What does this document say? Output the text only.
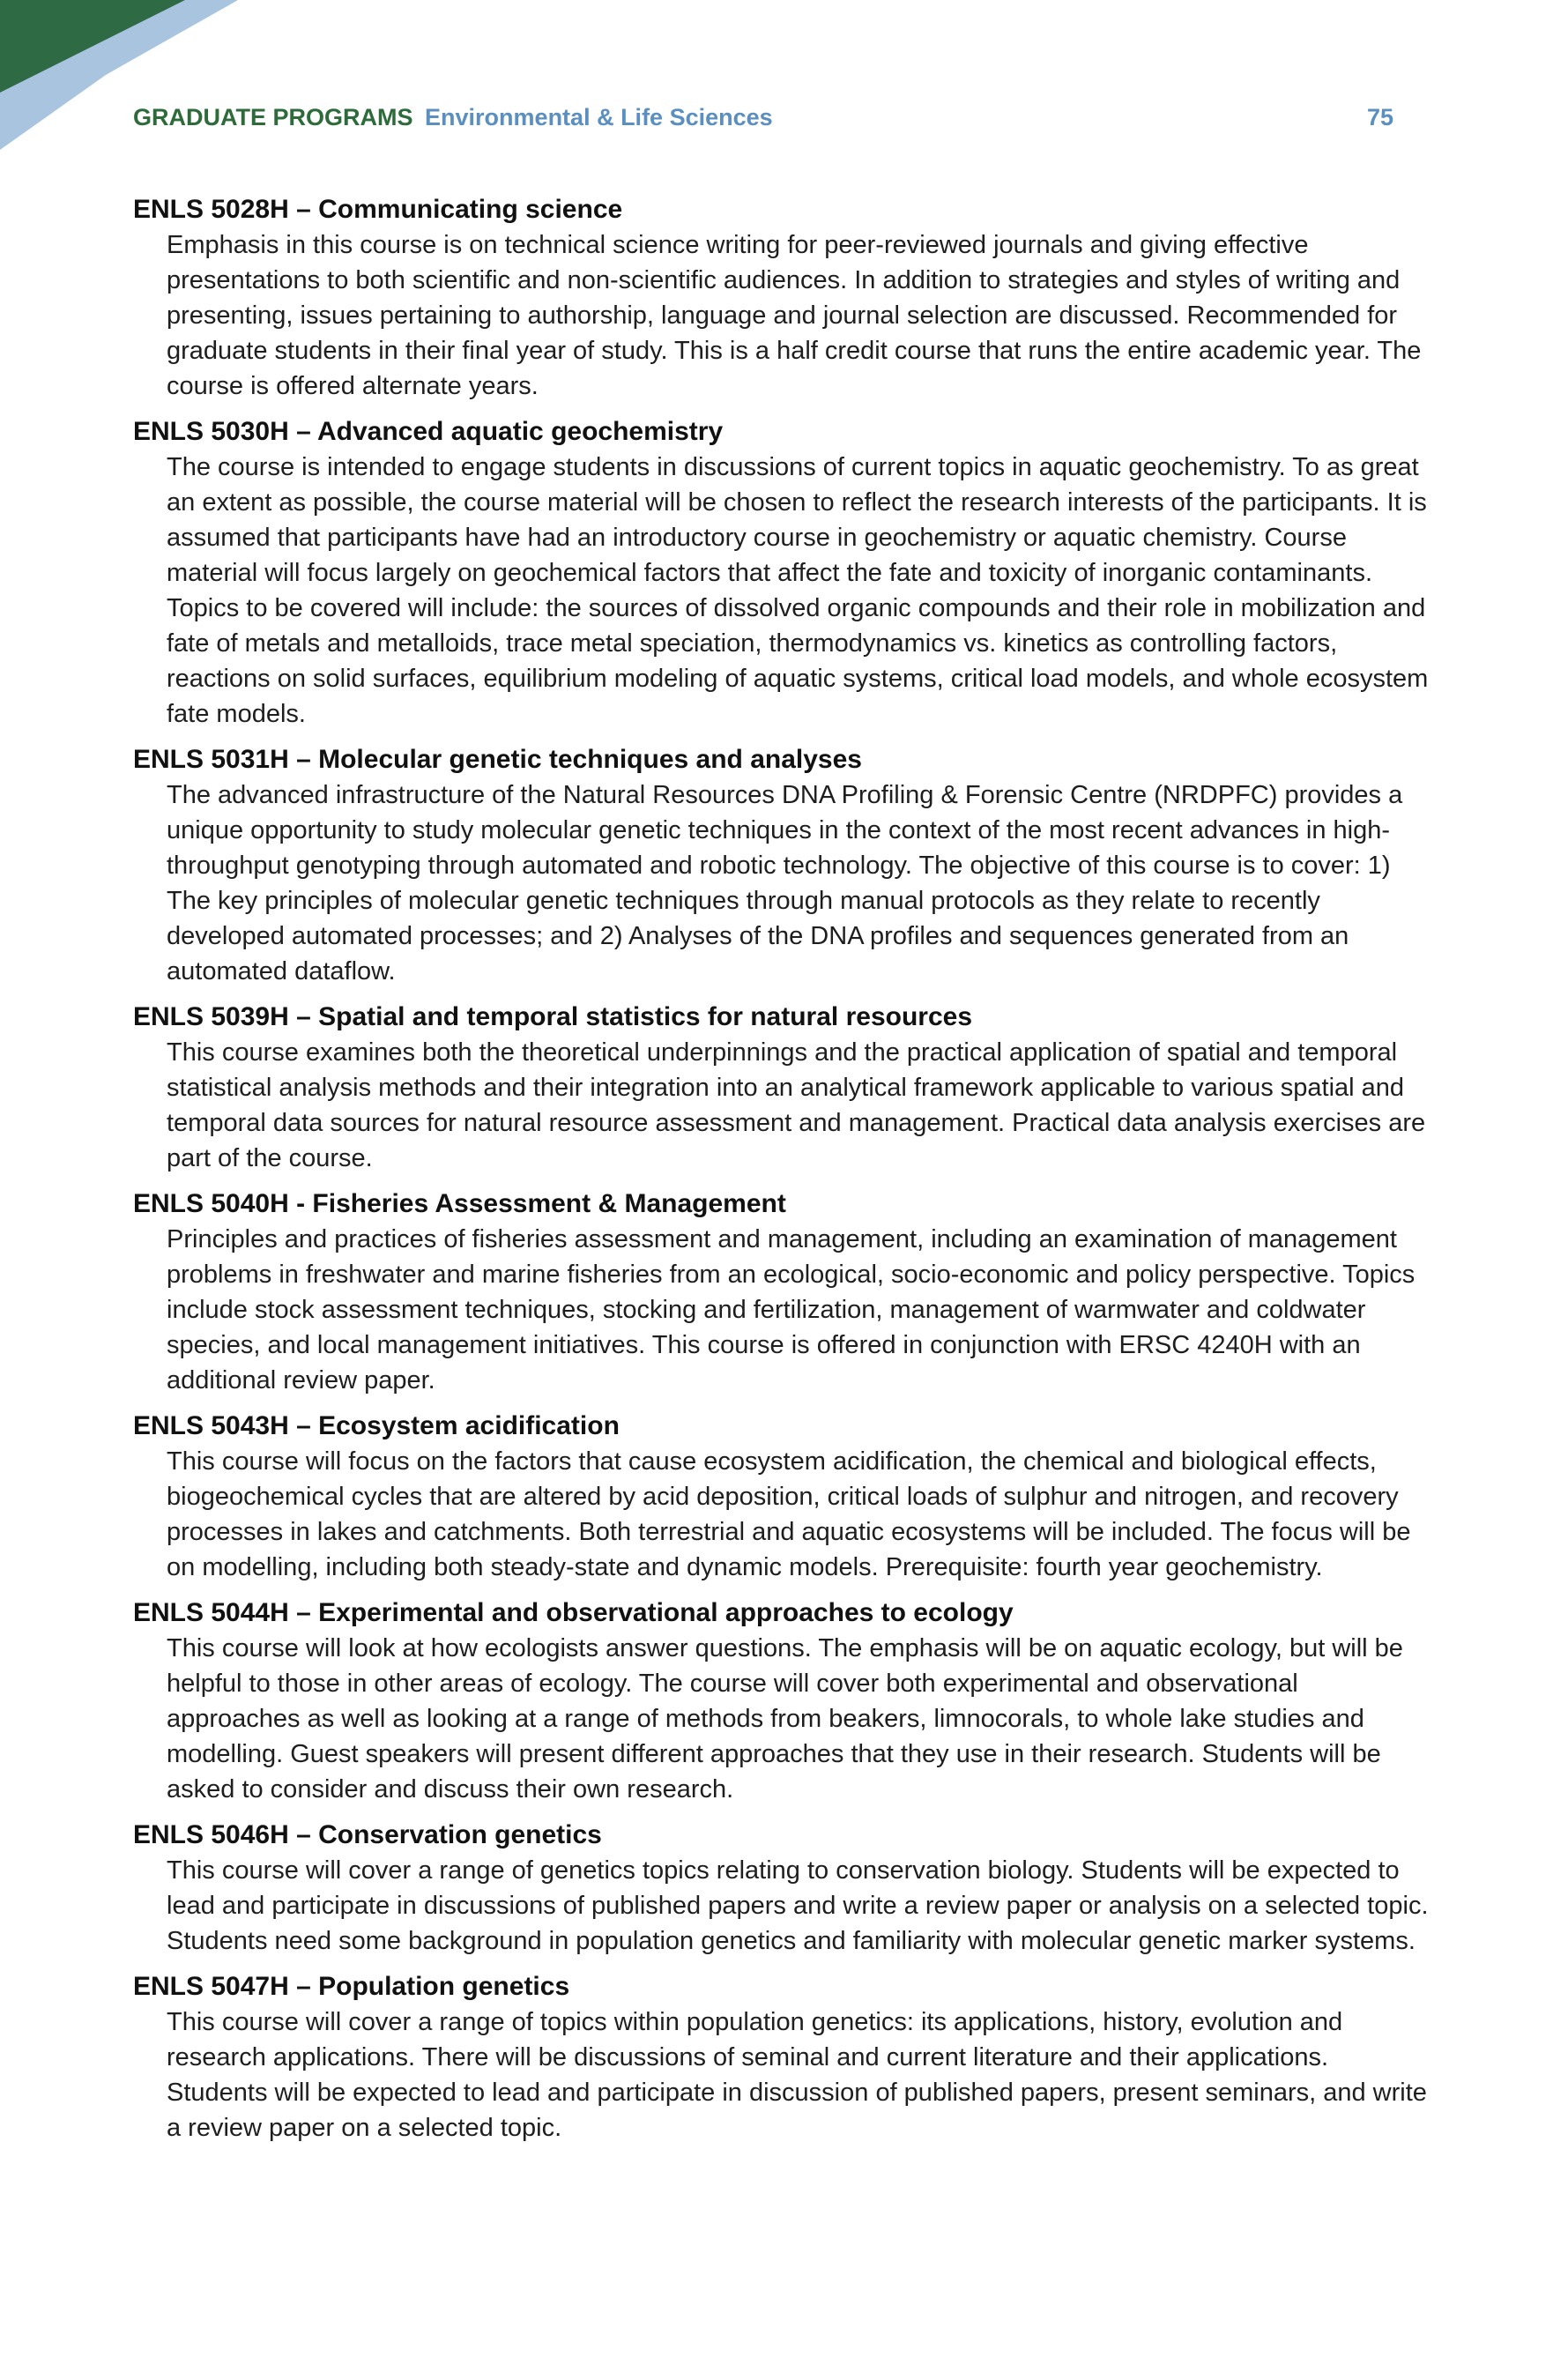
GRADUATE PROGRAMS Environmental & Life Sciences	75
ENLS 5028H – Communicating science
Emphasis in this course is on technical science writing for peer-reviewed journals and giving effective presentations to both scientific and non-scientific audiences. In addition to strategies and styles of writing and presenting, issues pertaining to authorship, language and journal selection are discussed. Recommended for graduate students in their final year of study. This is a half credit course that runs the entire academic year. The course is offered alternate years.
ENLS 5030H – Advanced aquatic geochemistry
The course is intended to engage students in discussions of current topics in aquatic geochemistry. To as great an extent as possible, the course material will be chosen to reflect the research interests of the participants. It is assumed that participants have had an introductory course in geochemistry or aquatic chemistry. Course material will focus largely on geochemical factors that affect the fate and toxicity of inorganic contaminants. Topics to be covered will include: the sources of dissolved organic compounds and their role in mobilization and fate of metals and metalloids, trace metal speciation, thermodynamics vs. kinetics as controlling factors, reactions on solid surfaces, equilibrium modeling of aquatic systems, critical load models, and whole ecosystem fate models.
ENLS 5031H – Molecular genetic techniques and analyses
The advanced infrastructure of the Natural Resources DNA Profiling & Forensic Centre (NRDPFC) provides a unique opportunity to study molecular genetic techniques in the context of the most recent advances in high-throughput genotyping through automated and robotic technology. The objective of this course is to cover: 1) The key principles of molecular genetic techniques through manual protocols as they relate to recently developed automated processes; and 2) Analyses of the DNA profiles and sequences generated from an automated dataflow.
ENLS 5039H – Spatial and temporal statistics for natural resources
This course examines both the theoretical underpinnings and the practical application of spatial and temporal statistical analysis methods and their integration into an analytical framework applicable to various spatial and temporal data sources for natural resource assessment and management. Practical data analysis exercises are part of the course.
ENLS 5040H - Fisheries Assessment & Management
Principles and practices of fisheries assessment and management, including an examination of management problems in freshwater and marine fisheries from an ecological, socio-economic and policy perspective. Topics include stock assessment techniques, stocking and fertilization, management of warmwater and coldwater species, and local management initiatives. This course is offered in conjunction with ERSC 4240H with an additional review paper.
ENLS 5043H – Ecosystem acidification
This course will focus on the factors that cause ecosystem acidification, the chemical and biological effects, biogeochemical cycles that are altered by acid deposition, critical loads of sulphur and nitrogen, and recovery processes in lakes and catchments. Both terrestrial and aquatic ecosystems will be included. The focus will be on modelling, including both steady-state and dynamic models. Prerequisite: fourth year geochemistry.
ENLS 5044H – Experimental and observational approaches to ecology
This course will look at how ecologists answer questions. The emphasis will be on aquatic ecology, but will be helpful to those in other areas of ecology. The course will cover both experimental and observational approaches as well as looking at a range of methods from beakers, limnocorals, to whole lake studies and modelling. Guest speakers will present different approaches that they use in their research. Students will be asked to consider and discuss their own research.
ENLS 5046H – Conservation genetics
This course will cover a range of genetics topics relating to conservation biology. Students will be expected to lead and participate in discussions of published papers and write a review paper or analysis on a selected topic. Students need some background in population genetics and familiarity with molecular genetic marker systems.
ENLS 5047H – Population genetics
This course will cover a range of topics within population genetics: its applications, history, evolution and research applications. There will be discussions of seminal and current literature and their applications. Students will be expected to lead and participate in discussion of published papers, present seminars, and write a review paper on a selected topic.
